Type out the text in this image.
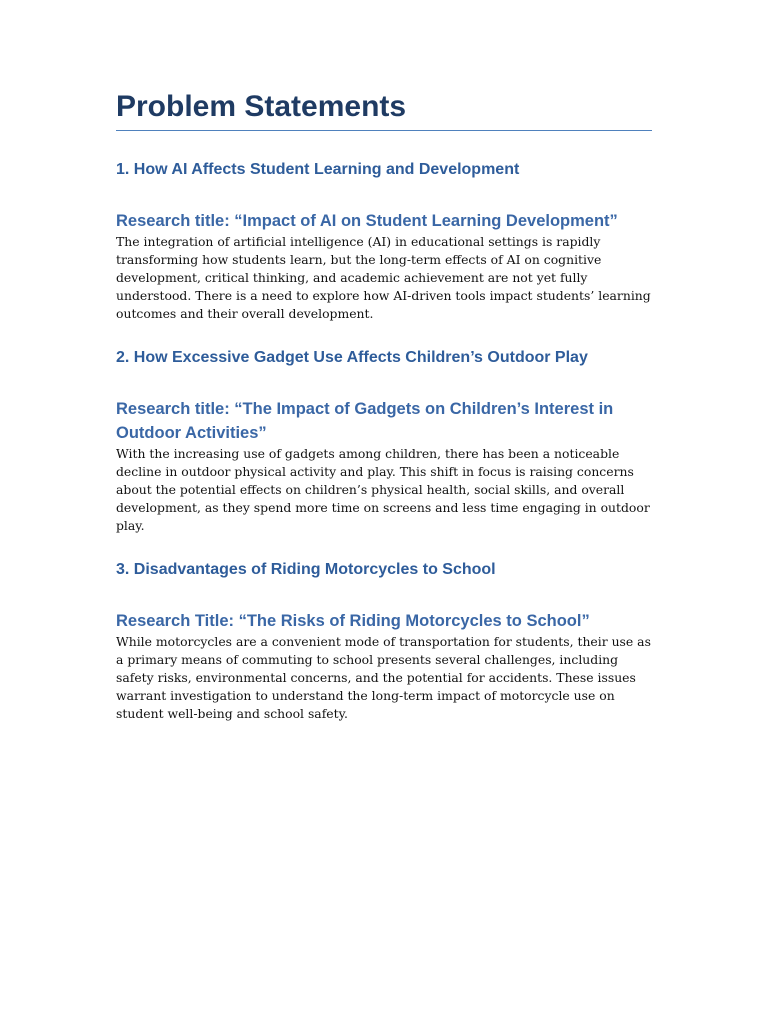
Problem Statements
1. How AI Affects Student Learning and Development
Research title: “Impact of AI on Student Learning Development”

The integration of artificial intelligence (AI) in educational settings is rapidly transforming how students learn, but the long-term effects of AI on cognitive development, critical thinking, and academic achievement are not yet fully understood. There is a need to explore how AI-driven tools impact students’ learning outcomes and their overall development.

2. How Excessive Gadget Use Affects Children’s Outdoor Play
Research title: “The Impact of Gadgets on Children’s Interest in Outdoor Activities”

With the increasing use of gadgets among children, there has been a noticeable decline in outdoor physical activity and play. This shift in focus is raising concerns about the potential effects on children’s physical health, social skills, and overall development, as they spend more time on screens and less time engaging in outdoor play.

3. Disadvantages of Riding Motorcycles to School
Research Title: “The Risks of Riding Motorcycles to School”

While motorcycles are a convenient mode of transportation for students, their use as a primary means of commuting to school presents several challenges, including safety risks, environmental concerns, and the potential for accidents. These issues warrant investigation to understand the long-term impact of motorcycle use on student well-being and school safety.
